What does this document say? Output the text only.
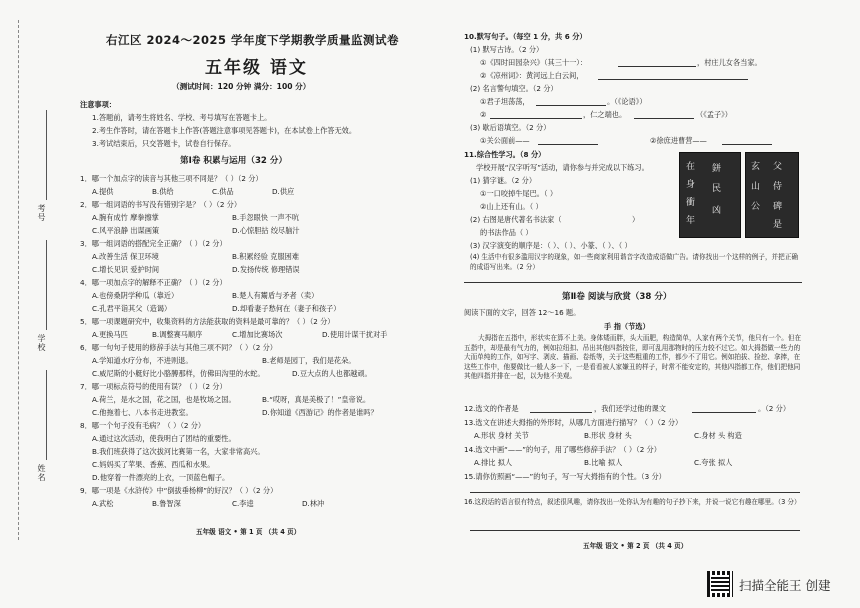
考号
学校
姓名
右江区 2024～2025 学年度下学期教学质量监测试卷
五年级 语文
（测试时间：120 分钟 满分：100 分）
注意事项：
1.答题前，请考生将姓名、学校、考号填写在答题卡上。
2.考生作答时，请在答题卡上作答(答题注意事项见答题卡)，在本试卷上作答无效。
3.考试结束后，只交答题卡，试卷自行保存。
第Ⅰ卷 积累与运用（32 分）
1．哪一个加点字的读音与其他三项不同是？（ ）（2 分）
A.提供	B.供给	C.供品	D.供应
2．哪一组词语的书写没有错别字是？（ ）（2 分）
A.腕有成竹 摩拳擦掌	B.手忽眼快 一声不吭
C.风平浪静 出谋画策	D.心惊胆拈 绞尽脑汁
3．哪一组词语的搭配完全正确？（ ）（2 分）
A.改善生活 保卫环境	B.积累经验 克服困难
C.增长见识 爱护时间	D.发扬传统 修理错误
4．哪一项加点字的解释不正确？（ ）（2 分）
A.也傍桑阴学种瓜（靠近）	B.楚人有鬻盾与矛者（卖）
C.孔君平诣其父（造谒）	D.却看妻子愁何在（妻子和孩子）
5．哪一项课题研究中，收集资料的方法能获取的资料是最可靠的？（ ）（2 分）
A.更换马匹	B.调整赛马顺序	C.增加比赛场次	D.使用计谋干扰对手
6．哪一句句子使用的修辞手法与其他三项不同？（ ）（2 分）
A.学知道水疗分布，不进则退。	B.老师是园丁，我们是花朵。
C.威尼斯的小艇好比小胳膊那样，仿佛田沟里的水蛇。	D.豆大点的人也都越顽。
7．哪一项标点符号的使用有误？（ ）（2 分）
A.荷兰，是水之国，花之国，也是牧场之国。	B.“哎呀，真是美极了！”皇帝说。
C.他拖着七、八本书走进教室。	D.你知道《西游记》的作者是谁吗？
8．哪一个句子没有毛病？（ ）（2 分）
A.通过这次活动，使我明白了团结的重要性。
B.我们班获得了这次拔河比赛第一名，大家非常高兴。
C.妈妈买了苹果、香蕉、西瓜和水果。
D.他穿着一件漂亮的上衣，一顶蓝色帽子。
9．哪一项是《水浒传》中“倒拔垂杨柳”的好汉？（ ）（2 分）
A.武松	B.鲁智深	C.李逵	D.林冲
五年级 语文 • 第 1 页 （共 4 页）
10.默写句子。（每空 1 分，共 6 分）
(1) 默写古诗。（2 分）
①《四时田园杂兴》（其三十一）：	，村庄儿女各当家。
②《凉州词》：黄河远上白云间，
(2) 名言警句填空。（2 分）
①君子坦荡荡，	。（《论语》）
②	，仁之端也。	（《孟子》）
(3) 歇后语填空。（2 分）
①关公面前——	②徐庶进曹营——
11.综合性学习。（8 分）
学校开展“汉字听写”活动，请你参与并完成以下练习。
(1) 猜字谜。（2 分）
①一口咬掉牛尾巴。（ ）
②山上还有山。（ ）
(2) 右图是唐代著名书法家（	）
的书法作品（ ）
(3) 汉字演变的顺序是：（ ）、（ ）、小篆、（ ）、（ ）
(4) 生活中有很多滥用汉字的现象，如一些商家利用谐音字改造成语做广告。请你找出一个这样的例子，并把正确的成语写出来。（2 分）
在
身
衝
年
鉼
民
凶
玄
山
公
父
侍
碑
是
第Ⅱ卷 阅读与欣赏（38 分）
阅读下面的文字，回答 12～16 题。
手 指（节选）
大拇指在五指中，形状实在算不上美。身体矮而胖，头大而肥，构造简单，人家有两个关节，他只有一个。但在五指中，却是最有气力的，例如拉纽扣、吊出其他四指按住，即可乱用那物时的压力较不过它。如大拇指做一些力的大而单纯的工作，如写字、剥皮、描画、卷纸等，关于这些粗重的工作，都少不了用它。例如拍拔、捡挖、拿捧，在这些工作中，他要做比一般人多一下，一是看看被人家嫌丑的样子，时常不能安定的，其他四指都工作，他们把他同其他四指并排在一起，以为他不美观。
12.选文的作者是	，我们还学过他的课文	。（2 分）
13.选文在讲述大拇指的外形时，从哪几方面进行描写？（ ）（2 分）
A.形状 身材 关节	B.形状 身材 头	C.身材 头 构造
14.选文中画“——”的句子，用了哪些修辞手法？（ ）（2 分）
A.排比 拟人	B.比喻 拟人	C.夸张 拟人
15.请你仿照画“——”的句子，写一写大拇指有的个性。（3 分）
16.这段话的语言很有特点，叙述很风趣，请你找出一处你认为有趣的句子抄下来，并说一说它有趣在哪里。（3 分）
五年级 语文 • 第 2 页 （共 4 页）
扫描全能王 创建
